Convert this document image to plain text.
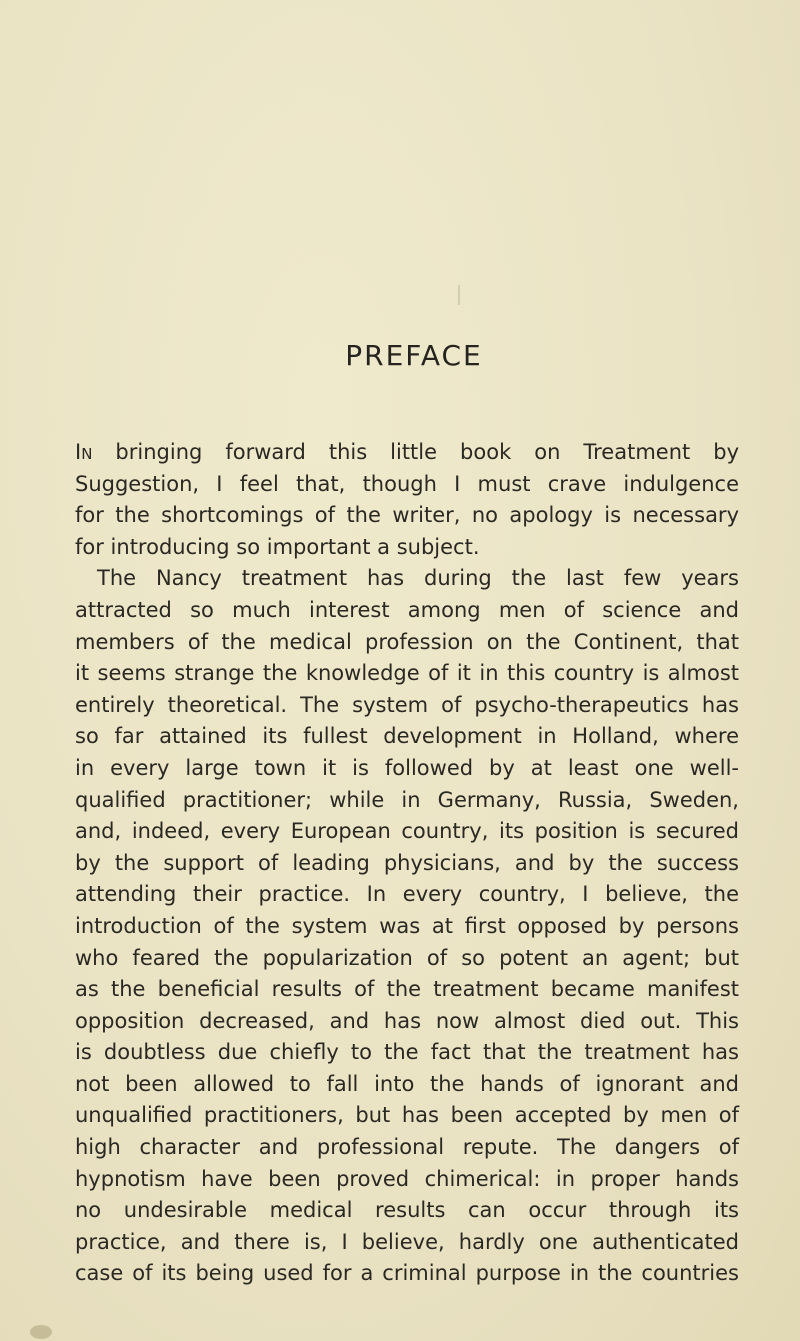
PREFACE
In bringing forward this little book on Treatment by
Suggestion, I feel that, though I must crave indulgence
for the shortcomings of the writer, no apology is necessary
for introducing so important a subject.
The Nancy treatment has during the last few years
attracted so much interest among men of science and
members of the medical profession on the Continent, that
it seems strange the knowledge of it in this country is almost
entirely theoretical. The system of psycho-therapeutics has
so far attained its fullest development in Holland, where
in every large town it is followed by at least one well-
qualified practitioner; while in Germany, Russia, Sweden,
and, indeed, every European country, its position is secured
by the support of leading physicians, and by the success
attending their practice. In every country, I believe, the
introduction of the system was at first opposed by persons
who feared the popularization of so potent an agent; but
as the beneficial results of the treatment became manifest
opposition decreased, and has now almost died out. This
is doubtless due chiefly to the fact that the treatment has
not been allowed to fall into the hands of ignorant and
unqualified practitioners, but has been accepted by men of
high character and professional repute. The dangers of
hypnotism have been proved chimerical: in proper hands
no undesirable medical results can occur through its
practice, and there is, I believe, hardly one authenticated
case of its being used for a criminal purpose in the countries
